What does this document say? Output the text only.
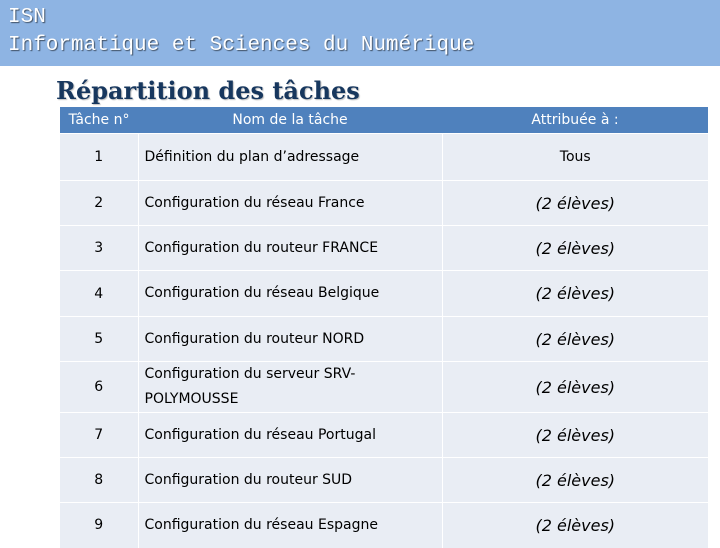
ISN

Informatique et Sciences du Numérique

Répartition des tâches
Tâche n°	Nom de la tâche	Attribuée à :
1	Définition du plan d’adressage	Tous
2	Configuration du réseau France	(2 élèves)
3	Configuration du routeur FRANCE	(2 élèves)
4	Configuration du réseau Belgique	(2 élèves)
5	Configuration du routeur NORD	(2 élèves)
6	Configuration du serveur SRV-POLYMOUSSE	(2 élèves)
7	Configuration du réseau Portugal	(2 élèves)
8	Configuration du routeur SUD	(2 élèves)
9	Configuration du réseau Espagne	(2 élèves)
